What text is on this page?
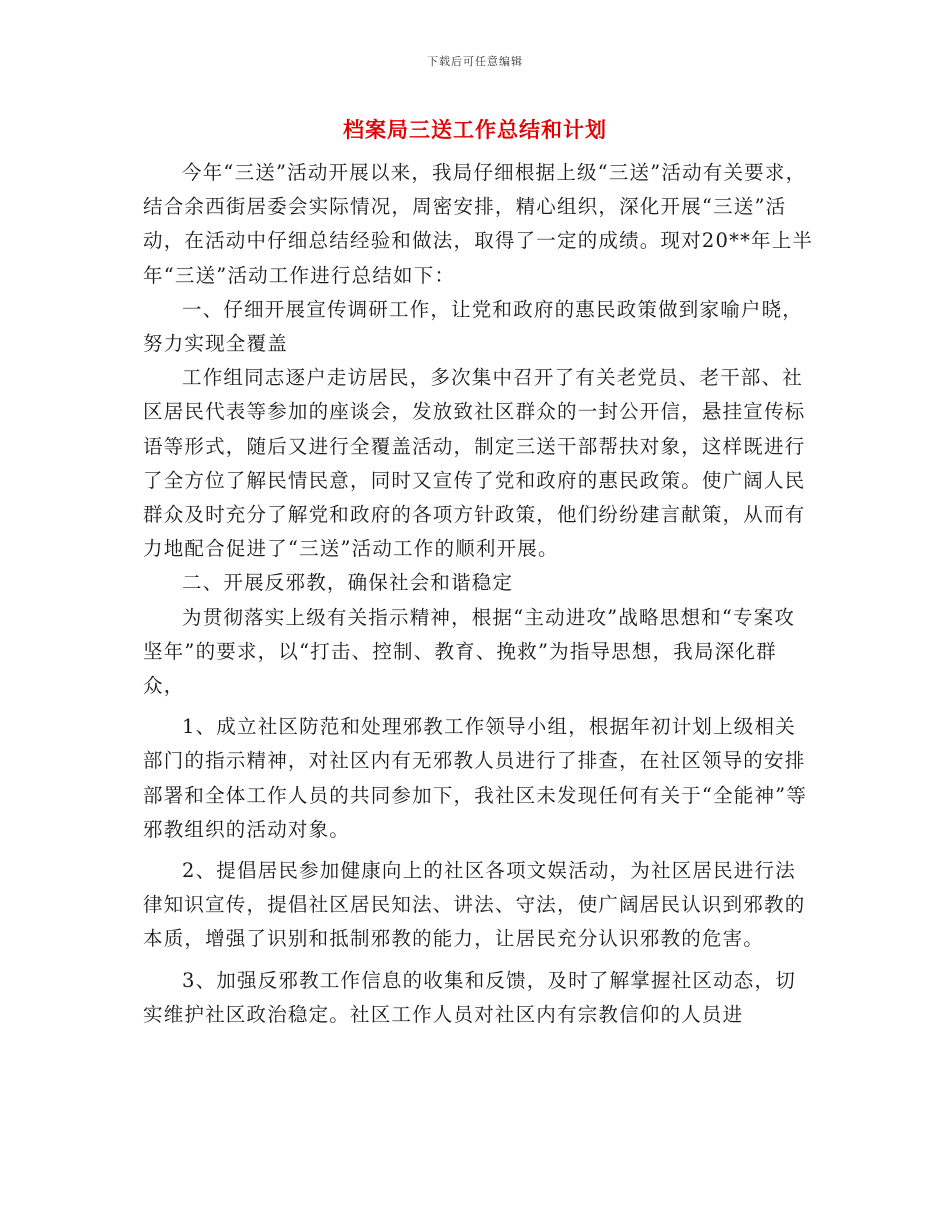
下载后可任意编辑
档案局三送工作总结和计划

今年“三送”活动开展以来，我局仔细根据上级“三送”活动有关要求，结合余西街居委会实际情况，周密安排，精心组织，深化开展“三送”活动，在活动中仔细总结经验和做法，取得了一定的成绩。现对20**年上半年“三送”活动工作进行总结如下：

一、仔细开展宣传调研工作，让党和政府的惠民政策做到家喻户晓，努力实现全覆盖

工作组同志逐户走访居民，多次集中召开了有关老党员、老干部、社区居民代表等参加的座谈会，发放致社区群众的一封公开信，悬挂宣传标语等形式，随后又进行全覆盖活动，制定三送干部帮扶对象，这样既进行了全方位了解民情民意，同时又宣传了党和政府的惠民政策。使广阔人民群众及时充分了解党和政府的各项方针政策，他们纷纷建言献策，从而有力地配合促进了“三送”活动工作的顺利开展。

二、开展反邪教，确保社会和谐稳定

为贯彻落实上级有关指示精神，根据“主动进攻”战略思想和“专案攻坚年”的要求，以“打击、控制、教育、挽救”为指导思想，我局深化群众，

1、成立社区防范和处理邪教工作领导小组，根据年初计划上级相关部门的指示精神，对社区内有无邪教人员进行了排查，在社区领导的安排部署和全体工作人员的共同参加下，我社区未发现任何有关于“全能神”等邪教组织的活动对象。

2、提倡居民参加健康向上的社区各项文娱活动，为社区居民进行法律知识宣传，提倡社区居民知法、讲法、守法，使广阔居民认识到邪教的本质，增强了识别和抵制邪教的能力，让居民充分认识邪教的危害。

3、加强反邪教工作信息的收集和反馈，及时了解掌握社区动态，切实维护社区政治稳定。社区工作人员对社区内有宗教信仰的人员进
